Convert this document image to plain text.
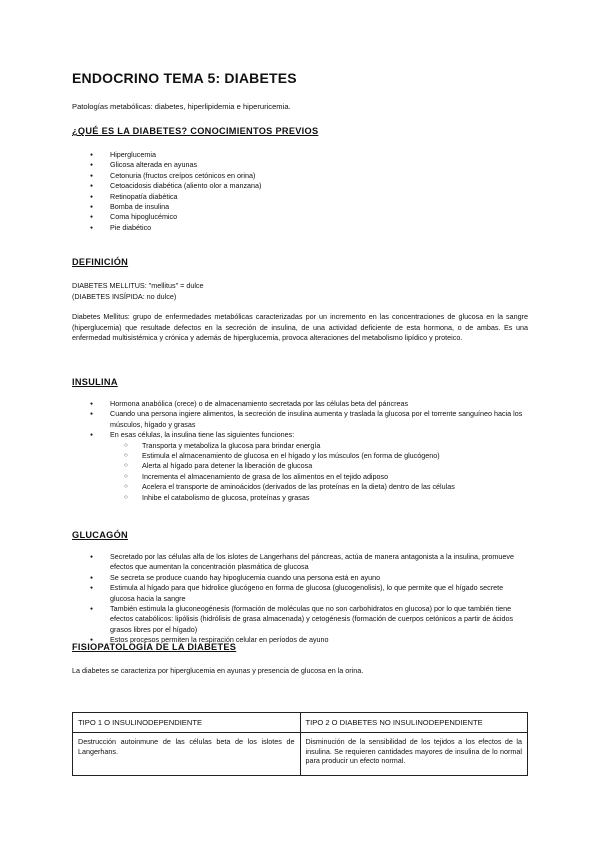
ENDOCRINO TEMA 5: DIABETES
Patologías metabólicas: diabetes, hiperlipidemia e hiperuricemia.
¿QUÉ ES LA DIABETES? CONOCIMIENTOS PREVIOS
● Hiperglucemia
● Glicosa alterada en ayunas
● Cetonuria (fructos creípos cetónicos en orina)
● Cetoacidosis diabética (aliento olor a manzana)
● Retinopatía diabética
● Bomba de insulina
● Coma hipoglucémico
● Pie diabético
DEFINICIÓN
DIABETES MELLITUS: "mellitus" = dulce
(DIABETES INSÍPIDA: no dulce)
Diabetes Mellitus: grupo de enfermedades metabólicas caracterizadas por un incremento en las concentraciones de glucosa en la sangre (hiperglucemia) que resultade defectos en la secreción de insulina, de una actividad deficiente de esta hormona, o de ambas. Es una enfermedad multisistémica y crónica y además de hiperglucemia, provoca alteraciones del metabolismo lipídico y proteico.
INSULINA
● Hormona anabólica (crece) o de almacenamiento secretada por las células beta del páncreas
● Cuando una persona ingiere alimentos, la secreción de insulina aumenta y traslada la glucosa por el torrente sanguíneo hacia los músculos, hígado y grasas
● En esas células, la insulina tiene las siguientes funciones:
○ Transporta y metaboliza la glucosa para brindar energía
○ Estimula el almacenamiento de glucosa en el hígado y los músculos (en forma de glucógeno)
○ Alerta al hígado para detener la liberación de glucosa
○ Incrementa el almacenamiento de grasa de los alimentos en el tejido adiposo
○ Acelera el transporte de aminoácidos (derivados de las proteínas en la dieta) dentro de las células
○ Inhibe el catabolismo de glucosa, proteínas y grasas
GLUCAGÓN
● Secretado por las células alfa de los islotes de Langerhans del páncreas, actúa de manera antagonista a la insulina, promueve efectos que aumentan la concentración plasmática de glucosa
● Se secreta se produce cuando hay hipoglucemia cuando una persona está en ayuno
● Estimula al hígado para que hidrolice glucógeno en forma de glucosa (glucogenolisis), lo que permite que el hígado secrete glucosa hacia la sangre
● También estimula la gluconeogénesis (formación de moléculas que no son carbohidratos en glucosa) por lo que también tiene efectos catabólicos: lipólisis (hidrólisis de grasa almacenada) y cetogénesis (formación de cuerpos cetónicos a partir de ácidos grasos libres por el hígado)
● Estos procesos permiten la respiración celular en períodos de ayuno
FISIOPATOLOGÍA DE LA DIABETES
La diabetes se caracteriza por hiperglucemia en ayunas y presencia de glucosa en la orina.
TIPO 1 O INSULINODEPENDIENTE	TIPO 2 O DIABETES NO INSULINODEPENDIENTE
Destrucción autoinmune de las células beta de los islotes de Langerhans.	Disminución de la sensibilidad de los tejidos a los efectos de la insulina. Se requieren cantidades mayores de insulina de lo normal para producir un efecto normal.
